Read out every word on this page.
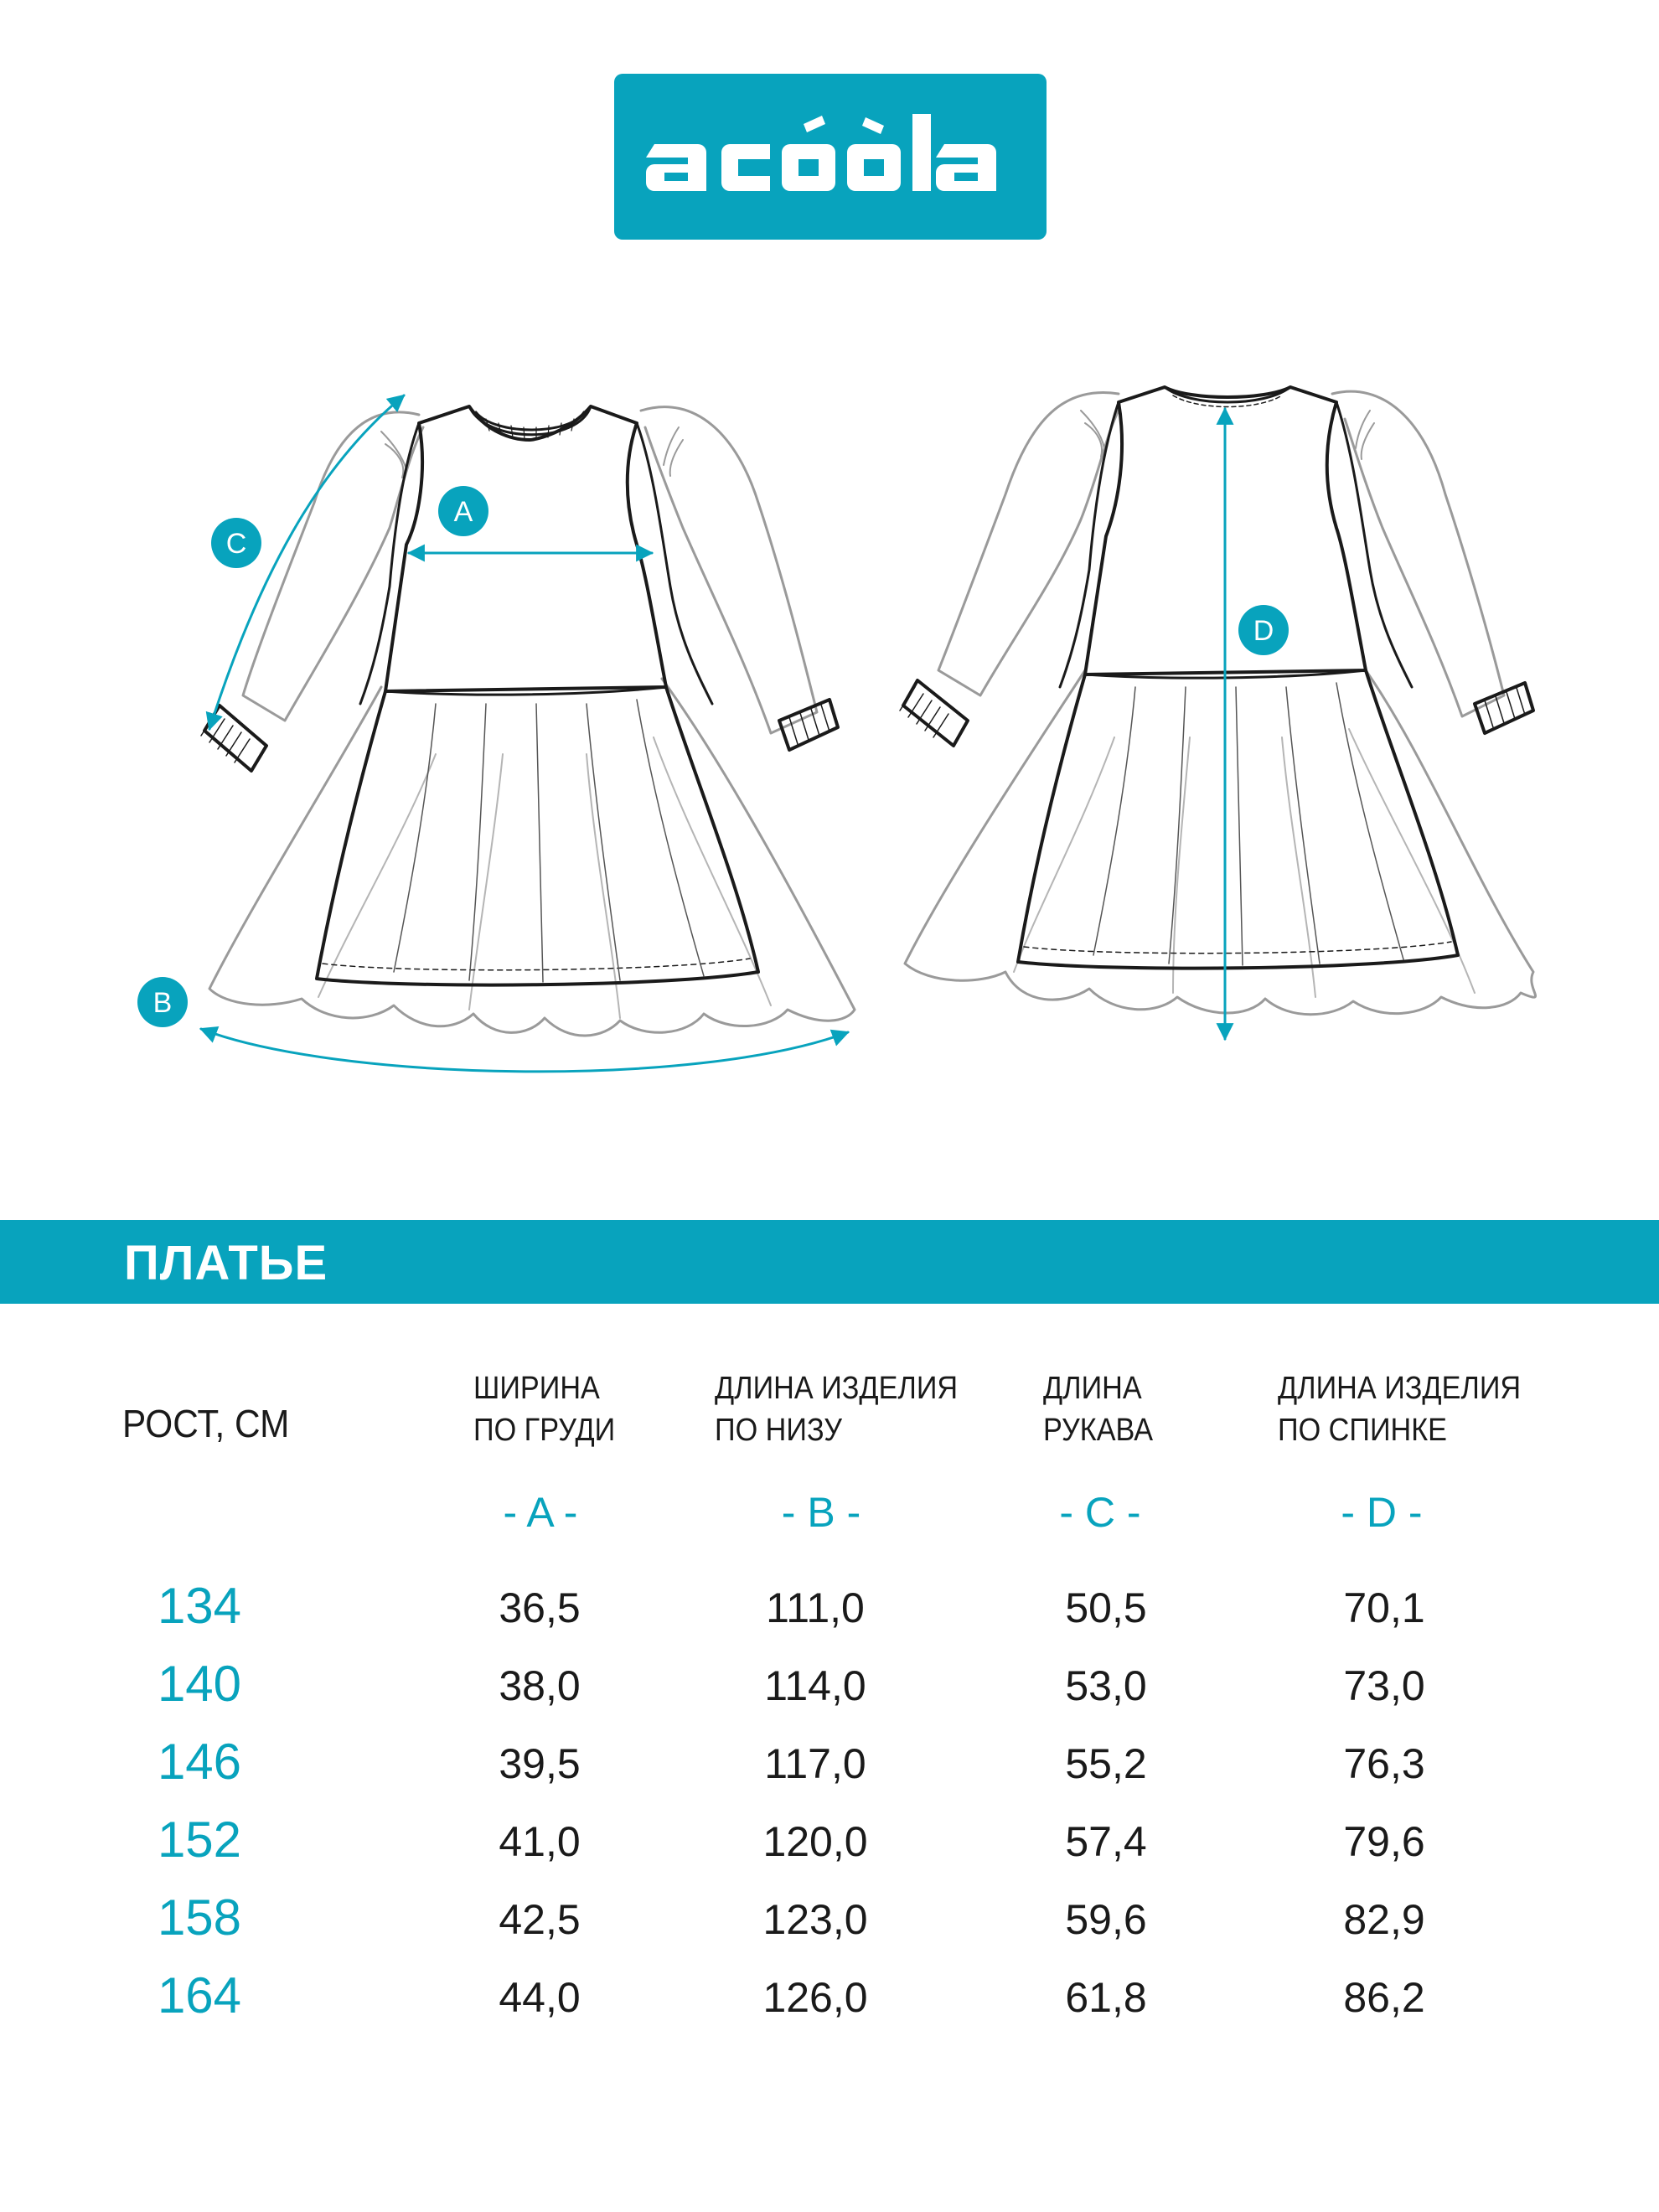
A
C
B
D
ПЛАТЬЕ
РОСТ, СМ
ШИРИНА
ПО ГРУДИ
ДЛИНА ИЗДЕЛИЯ
ПО НИЗУ
ДЛИНА
РУКАВА
ДЛИНА ИЗДЕЛИЯ
ПО СПИНКЕ
- A -	- B -	- C -	- D -
134	36,5	111,0	50,5	70,1
140	38,0	114,0	53,0	73,0
146	39,5	117,0	55,2	76,3
152	41,0	120,0	57,4	79,6
158	42,5	123,0	59,6	82,9
164	44,0	126,0	61,8	86,2
